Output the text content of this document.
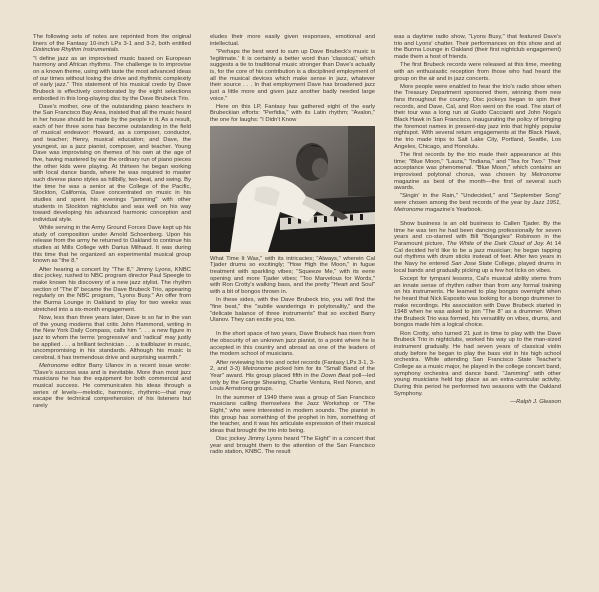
The following sets of notes are reprinted from the original liners of the Fantasy 10-inch LPs 3-1 and 3-2, both entitled Distinctive Rhythm Instrumentals.

"I define jazz as an improvised music based on European harmony and African rhythms. The challenge is to improvise on a known theme, using with taste the most advanced ideas of our times without losing the drive and rhythmic complexity of early jazz." This statement of his musical credo by Dave Brubeck is effectively corroborated by the eight selections embodied in this long-playing disc by the Dave Brubeck Trio.

Dave's mother, one of the outstanding piano teachers in the San Francisco Bay Area, insisted that all the music heard in her house should be made by the people in it. As a result, each of her three sons has become outstanding in the field of musical endeavor: Howard, as a composer, conductor, and teacher; Henry, musical education; and Dave, the youngest, as a jazz pianist, composer, and teacher. Young Dave was improvising on themes of his own at the age of five, having mastered by ear the ordinary run of piano pieces the other kids were playing. At thirteen he began working with local dance bands, where he was required to master such diverse piano styles as hillbilly, two-beat, and swing. By the time he was a senior at the College of the Pacific, Stockton, California, Dave concentrated on music in his studies and spent his evenings "jamming" with other students in Stockton nightclubs and was well on his way toward developing his advanced harmonic conception and individual style.

While serving in the Army Ground Forces Dave kept up his study of composition under Arnold Schoenberg. Upon his release from the army he returned to Oakland to continue his studies at Mills College with Darius Milhaud. It was during this time that he organized an experimental musical group known as "the 8."

After hearing a concert by "The 8," Jimmy Lyons, KNBC disc jockey, rushed to NBC program director Paul Speegle to make known his discovery of a new jazz stylist. The rhythm section of "The 8" became the Dave Brubeck Trio, appearing regularly on the NBC program, "Lyons Busy." An offer from the Burma Lounge in Oakland to play for two weeks was stretched into a six-month engagement.

Now, less than three years later, Dave is so far in the van of the young moderns that critic John Hammond, writing in the New York Daily Compass, calls him ". . . a new figure in jazz to whom the terms 'progressive' and 'radical' may justly be applied . . . a brilliant technician . . . a trailblazer in music, uncompromising in his standards. Although his music is cerebral, it has tremendous drive and surprising warmth."

Metronome editor Barry Ulanov in a recent issue wrote: "Dave's success was and is inevitable. More than most jazz musicians he has the equipment for both commercial and musical success. He communicates his ideas through a series of levels—melodic, harmonic, rhythmic—that may escape the technical comprehension of his listeners but rarely

eludes their more easily given responses, emotional and intellectual.

"Perhaps the best word to sum up Dave Brubeck's music is 'legitimate.' It is certainly a better word than 'classical,' which suggests a tie to traditional music stronger than Dave's actually is, for the core of his contribution is a disciplined employment of all the musical devices which make sense in jazz, whatever their source . . . In that employment Dave has broadened jazz just a little more and given jazz another badly needed large voice."

Here on this LP, Fantasy has gathered eight of the early Brubeckian efforts: "Perfidia," with its Latin rhythm; "Avalon," the one for laughs: "I Didn't Know

What Time It Was," with its intricacies; "Always," wherein Cal Tjader drums so excitingly; "How High the Moon," in fugue treatment with sparkling vibes; "Squeeze Me," with its eerie opening and more Tjader vibes; "Too Marvelous for Words," with Ron Crotty's walking bass, and the pretty "Heart and Soul" with a bit of bongos thrown in.

In these sides, with the Dave Brubeck trio, you will find the "fine beat," the "subtle wanderings in polytonality," and the "delicate balance of three instruments" that so excited Barry Ulanov. They can excite you, too.

In the short space of two years, Dave Brubeck has risen from the obscurity of an unknown jazz pianist, to a point where he is accepted in this country and abroad as one of the leaders of the modern school of musicians.

After reviewing his trio and octet records (Fantasy LPs 3-1, 3-2, and 3-3) Metronome picked him for its "Small Band of the Year" award. His group placed fifth in the Down Beat poll—led only by the George Shearing, Charlie Ventura, Red Norvo, and Louis Armstrong groups.

In the summer of 1949 there was a group of San Francisco musicians calling themselves the Jazz Workshop or "The Eight," who were interested in modern sounds. The pianist in this group has something of the prophet in him, something of the teacher, and it was his articulate expression of their musical ideas that brought the trio into being.

Disc jockey Jimmy Lyons heard "The Eight" in a concert that year and brought them to the attention of the San Francisco radio station, KNBC. The result

was a daytime radio show, "Lyons Busy," that featured Dave's trio and Lyons' chatter. Their performances on this show and at the Burma Lounge in Oakland (their first nightclub engagement) made them a host of friends.

The first Brubeck records were released at this time, meeting with an enthusiastic reception from those who had heard the group on the air and in jazz concerts.

More people were enabled to hear the trio's radio show when the Treasury Department sponsored them, winning them new fans throughout the country. Disc jockeys began to spin their records, and Dave, Cal, and Ron went on the road. The start of their tour was a long run at Guido Caccianti and John Noga's Black Hawk in San Francisco, inaugurating the policy of bringing the foremost names in present-day jazz into that highly popular nightspot. With several return engagements at the Black Hawk, the trio made trips to Salt Lake City, Portland, Seattle, Los Angeles, Chicago, and Honolulu.

The first records by the trio made their appearance at this time; "Blue Moon," "Laura," "Indiana," and "Tea for Two." Their acceptance was phenomenal. "Blue Moon," which contains an improvised polytonal chorus, was chosen by Metronome magazine as best of the month—the first of several such awards.

"Singin' in the Rain," "Undecided," and "September Song" were chosen among the best records of the year by Jazz 1951, Metronome magazine's Yearbook.

Show business is an old business to Callen Tjader. By the time he was ten he had been dancing professionally for seven years and co-starred with Bill "Bojangles" Robinson in the Paramount picture, The White of the Dark Cloud of Joy. At 14 Cal decided he'd like to be a jazz musician; he began tapping out rhythms with drum sticks instead of feet. After two years in the Navy he entered San Jose State College, played drums in local bands and gradually picking up a few hot licks on vibes.

Except for tympani lessons, Cal's musical ability stems from an innate sense of rhythm rather than from any formal training on his instruments. He learned to play bongos overnight when he heard that Nick Esposito was looking for a bongo drummer to make recordings. His association with Dave Brubeck started in 1948 when he was asked to join "The 8" as a drummer. When the Brubeck Trio was formed, his versatility on vibes, drums, and bongos made him a logical choice.

Ron Crotty, who turned 21 just in time to play with the Dave Brubeck Trio in nightclubs, worked his way up to the man-sized instrument gradually. He had seven years of classical violin study before he began to play the bass viol in his high school orchestra. While attending San Francisco State Teacher's College as a music major, he played in the college concert band, symphony orchestra and dance band. "Jamming" with other young musicians held top place as an extra-curricular activity. During this period he performed two seasons with the Oakland Symphony.

—Ralph J. Gleason
